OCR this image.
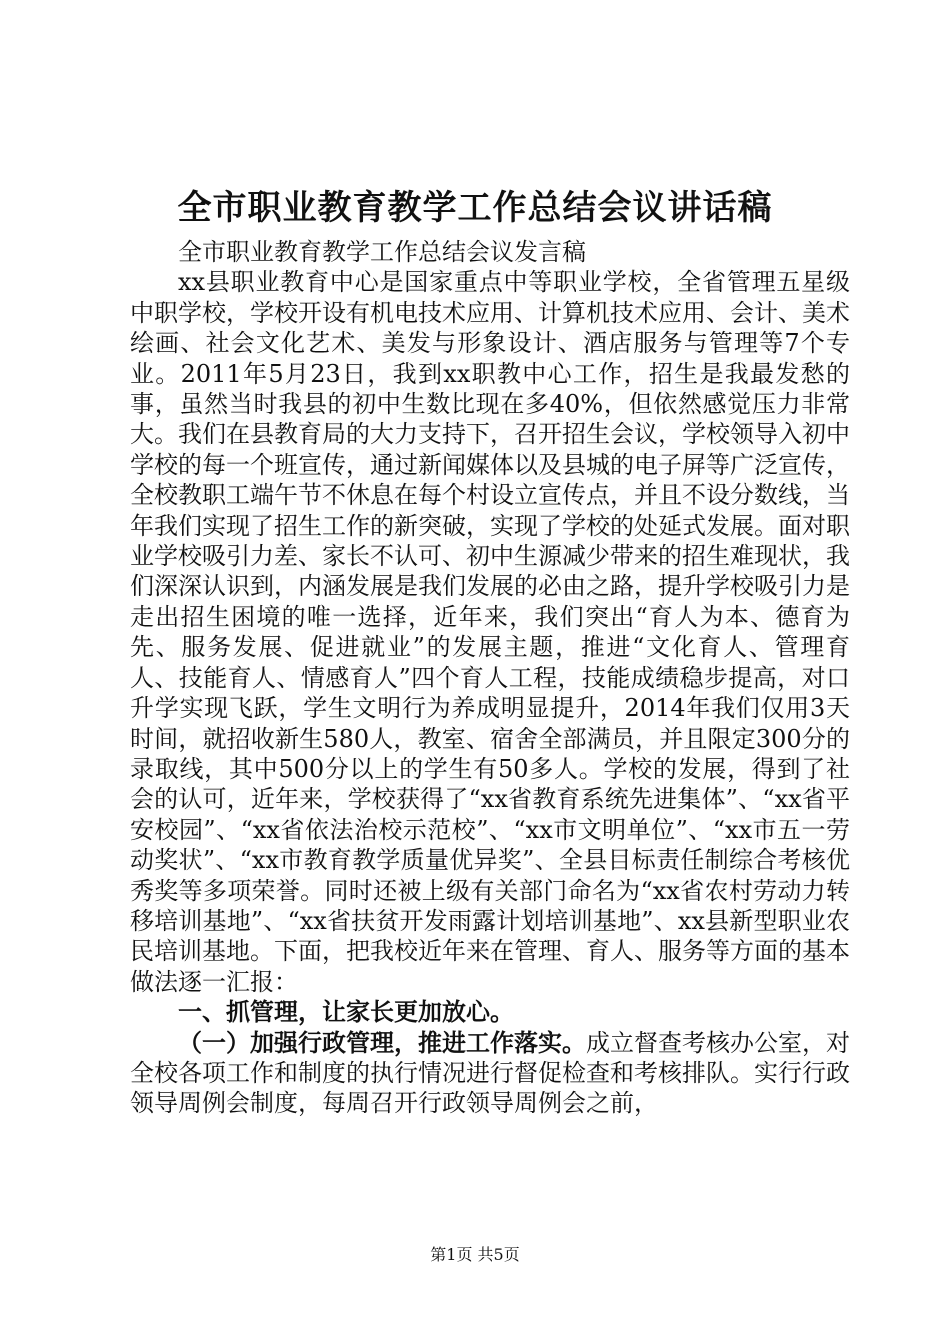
全市职业教育教学工作总结会议讲话稿

全市职业教育教学工作总结会议发言稿

xx县职业教育中心是国家重点中等职业学校，全省管理五星级中职学校，学校开设有机电技术应用、计算机技术应用、会计、美术绘画、社会文化艺术、美发与形象设计、酒店服务与管理等7个专业。2011年5月23日，我到xx职教中心工作，招生是我最发愁的事，虽然当时我县的初中生数比现在多40%，但依然感觉压力非常大。我们在县教育局的大力支持下，召开招生会议，学校领导入初中学校的每一个班宣传，通过新闻媒体以及县城的电子屏等广泛宣传，全校教职工端午节不休息在每个村设立宣传点，并且不设分数线，当年我们实现了招生工作的新突破，实现了学校的处延式发展。面对职业学校吸引力差、家长不认可、初中生源减少带来的招生难现状，我们深深认识到，内涵发展是我们发展的必由之路，提升学校吸引力是走出招生困境的唯一选择，近年来，我们突出“育人为本、德育为先、服务发展、促进就业”的发展主题，推进“文化育人、管理育人、技能育人、情感育人”四个育人工程，技能成绩稳步提高，对口升学实现飞跃，学生文明行为养成明显提升，2014年我们仅用3天时间，就招收新生580人，教室、宿舍全部满员，并且限定300分的录取线，其中500分以上的学生有50多人。学校的发展，得到了社会的认可，近年来，学校获得了“xx省教育系统先进集体”、“xx省平安校园”、“xx省依法治校示范校”、“xx市文明单位”、“xx市五一劳动奖状”、“xx市教育教学质量优异奖”、全县目标责任制综合考核优秀奖等多项荣誉。同时还被上级有关部门命名为“xx省农村劳动力转移培训基地”、“xx省扶贫开发雨露计划培训基地”、xx县新型职业农民培训基地。下面，把我校近年来在管理、育人、服务等方面的基本做法逐一汇报：

一、抓管理，让家长更加放心。

（一）加强行政管理，推进工作落实。成立督查考核办公室，对全校各项工作和制度的执行情况进行督促检查和考核排队。实行行政领导周例会制度，每周召开行政领导周例会之前，

第1页 共5页
